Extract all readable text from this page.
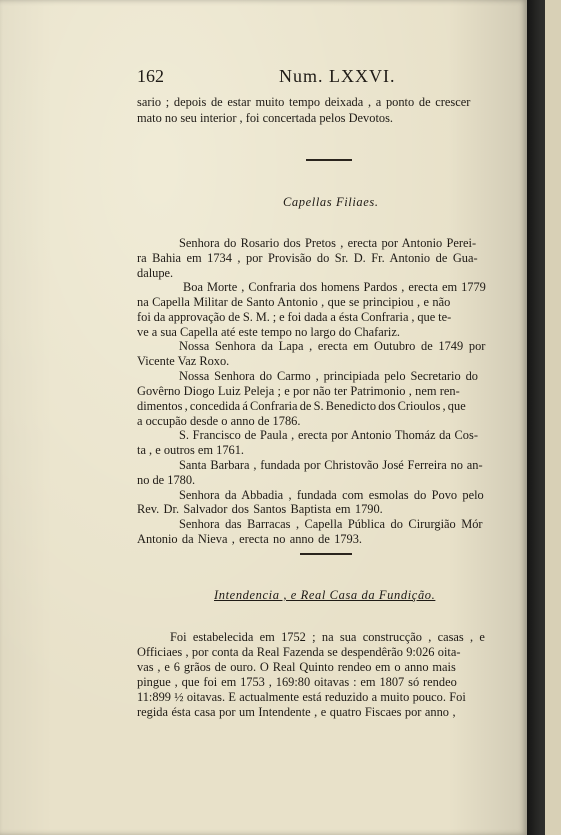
162	Num. LXXVI.
sario ; depois de estar muito tempo deixada , a ponto de crescer
mato no seu interior , foi concertada pelos Devotos.
Capellas Filiaes.
Senhora do Rosario dos Pretos , erecta por Antonio Perei-
ra Bahia em 1734 , por Provisão do Sr. D. Fr. Antonio de Gua-
dalupe.
Boa Morte , Confraria dos homens Pardos , erecta em 1779
na Capella Militar de Santo Antonio , que se principiou , e não
foi da approvação de S. M. ; e foi dada a ésta Confraria , que te-
ve a sua Capella até este tempo no largo do Chafariz.
Nossa Senhora da Lapa , erecta em Outubro de 1749 por
Vicente Vaz Roxo.
Nossa Senhora do Carmo , principiada pelo Secretario do
Govêrno Diogo Luiz Peleja ; e por não ter Patrimonio , nem ren-
dimentos , concedida á Confraria de S. Benedicto dos Crioulos , que
a occupão desde o anno de 1786.
S. Francisco de Paula , erecta por Antonio Thomáz da Cos-
ta , e outros em 1761.
Santa Barbara , fundada por Christovão José Ferreira no an-
no de 1780.
Senhora da Abbadia , fundada com esmolas do Povo pelo
Rev. Dr. Salvador dos Santos Baptista em 1790.
Senhora das Barracas , Capella Pública do Cirurgião Mór
Antonio da Nieva , erecta no anno de 1793.
Intendencia , e Real Casa da Fundição.
Foi estabelecida em 1752 ; na sua construcção , casas , e
Officiaes , por conta da Real Fazenda se despendêrão 9:026 oita-
vas , e 6 grãos de ouro. O Real Quinto rendeo em o anno mais
pingue , que foi em 1753 , 169:80 oitavas : em 1807 só rendeo
11:899 ½ oitavas. E actualmente está reduzido a muito pouco. Foi
regida ésta casa por um Intendente , e quatro Fiscaes por anno ,
